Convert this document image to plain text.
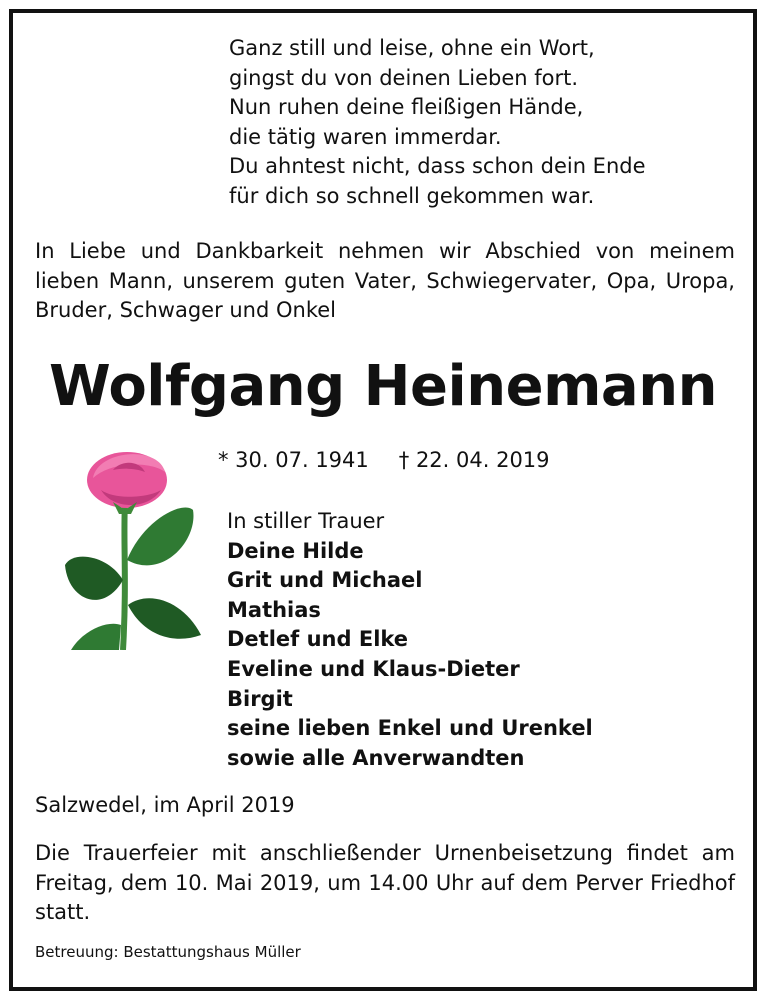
Ganz still und leise, ohne ein Wort,
gingst du von deinen Lieben fort.
Nun ruhen deine fleißigen Hände,
die tätig waren immerdar.
Du ahntest nicht, dass schon dein Ende
für dich so schnell gekommen war.
In Liebe und Dankbarkeit nehmen wir Abschied von meinem lieben Mann, unserem guten Vater, Schwiegervater, Opa, Uropa, Bruder, Schwager und Onkel
Wolfgang Heinemann
* 30. 07. 1941 † 22. 04. 2019
In stiller Trauer
Deine Hilde
Grit und Michael
Mathias
Detlef und Elke
Eveline und Klaus-Dieter
Birgit
seine lieben Enkel und Urenkel
sowie alle Anverwandten
Salzwedel, im April 2019
Die Trauerfeier mit anschließender Urnenbeisetzung findet am Freitag, dem 10. Mai 2019, um 14.00 Uhr auf dem Perver Friedhof statt.
Betreuung: Bestattungshaus Müller
